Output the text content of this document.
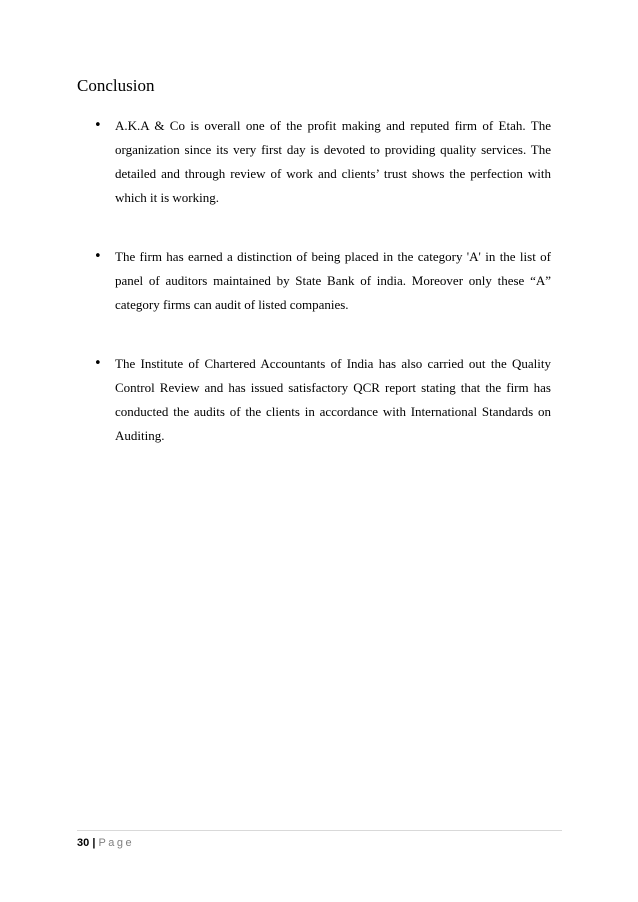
Conclusion
• A.K.A & Co is overall one of the profit making and reputed firm of Etah. The organization since its very first day is devoted to providing quality services. The detailed and through review of work and clients’ trust shows the perfection with which it is working.
• The firm has earned a distinction of being placed in the category 'A' in the list of panel of auditors maintained by State Bank of india. Moreover only these “A” category firms can audit of listed companies.
• The Institute of Chartered Accountants of India has also carried out the Quality Control Review and has issued satisfactory QCR report stating that the firm has conducted the audits of the clients in accordance with International Standards on Auditing.
30 | Page
